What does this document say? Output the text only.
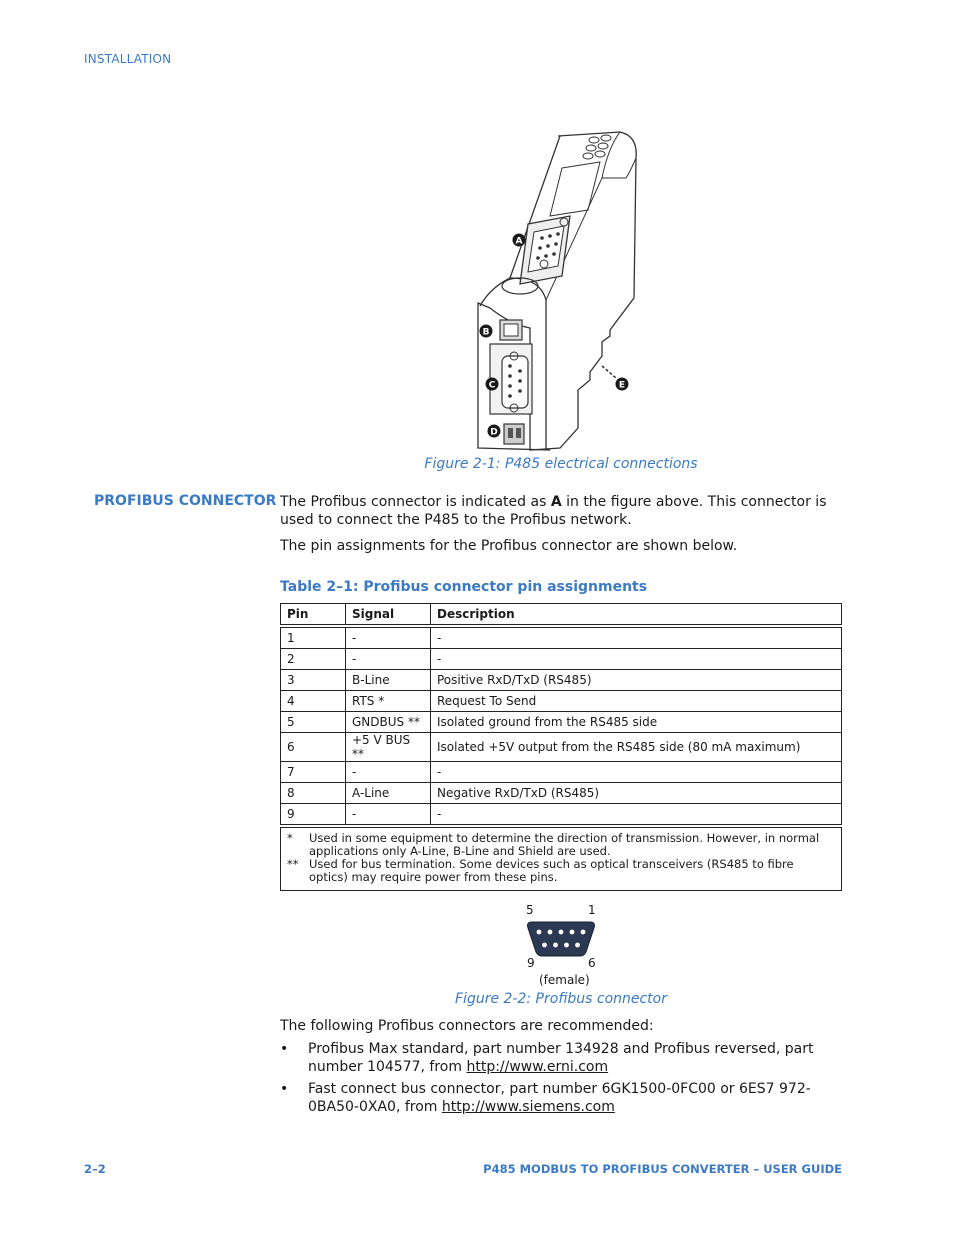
INSTALLATION
A
B
C
D
E
Figure 2-1: P485 electrical connections
PROFIBUS CONNECTOR The Profibus connector is indicated as A in the figure above. This connector is used to connect the P485 to the Profibus network.
The pin assignments for the Profibus connector are shown below.
Table 2–1: Profibus connector pin assignments
Pin	Signal	Description
1	-	-
2	-	-
3	B-Line	Positive RxD/TxD (RS485)
4	RTS *	Request To Send
5	GNDBUS **	Isolated ground from the RS485 side
6	+5 V BUS **	Isolated +5V output from the RS485 side (80 mA maximum)
7	-	-
8	A-Line	Negative RxD/TxD (RS485)
9	-	-

* Used in some equipment to determine the direction of transmission. However, in normal applications only A-Line, B-Line and Shield are used.
** Used for bus termination. Some devices such as optical transceivers (RS485 to fibre optics) may require power from these pins.		
5	1
9	6
(female)
Figure 2-2: Profibus connector
The following Profibus connectors are recommended:
• Profibus Max standard, part number 134928 and Profibus reversed, part number 104577, from http://www.erni.com
• Fast connect bus connector, part number 6GK1500-0FC00 or 6ES7 972-0BA50-0XA0, from http://www.siemens.com
2–2	P485 MODBUS TO PROFIBUS CONVERTER – USER GUIDE
